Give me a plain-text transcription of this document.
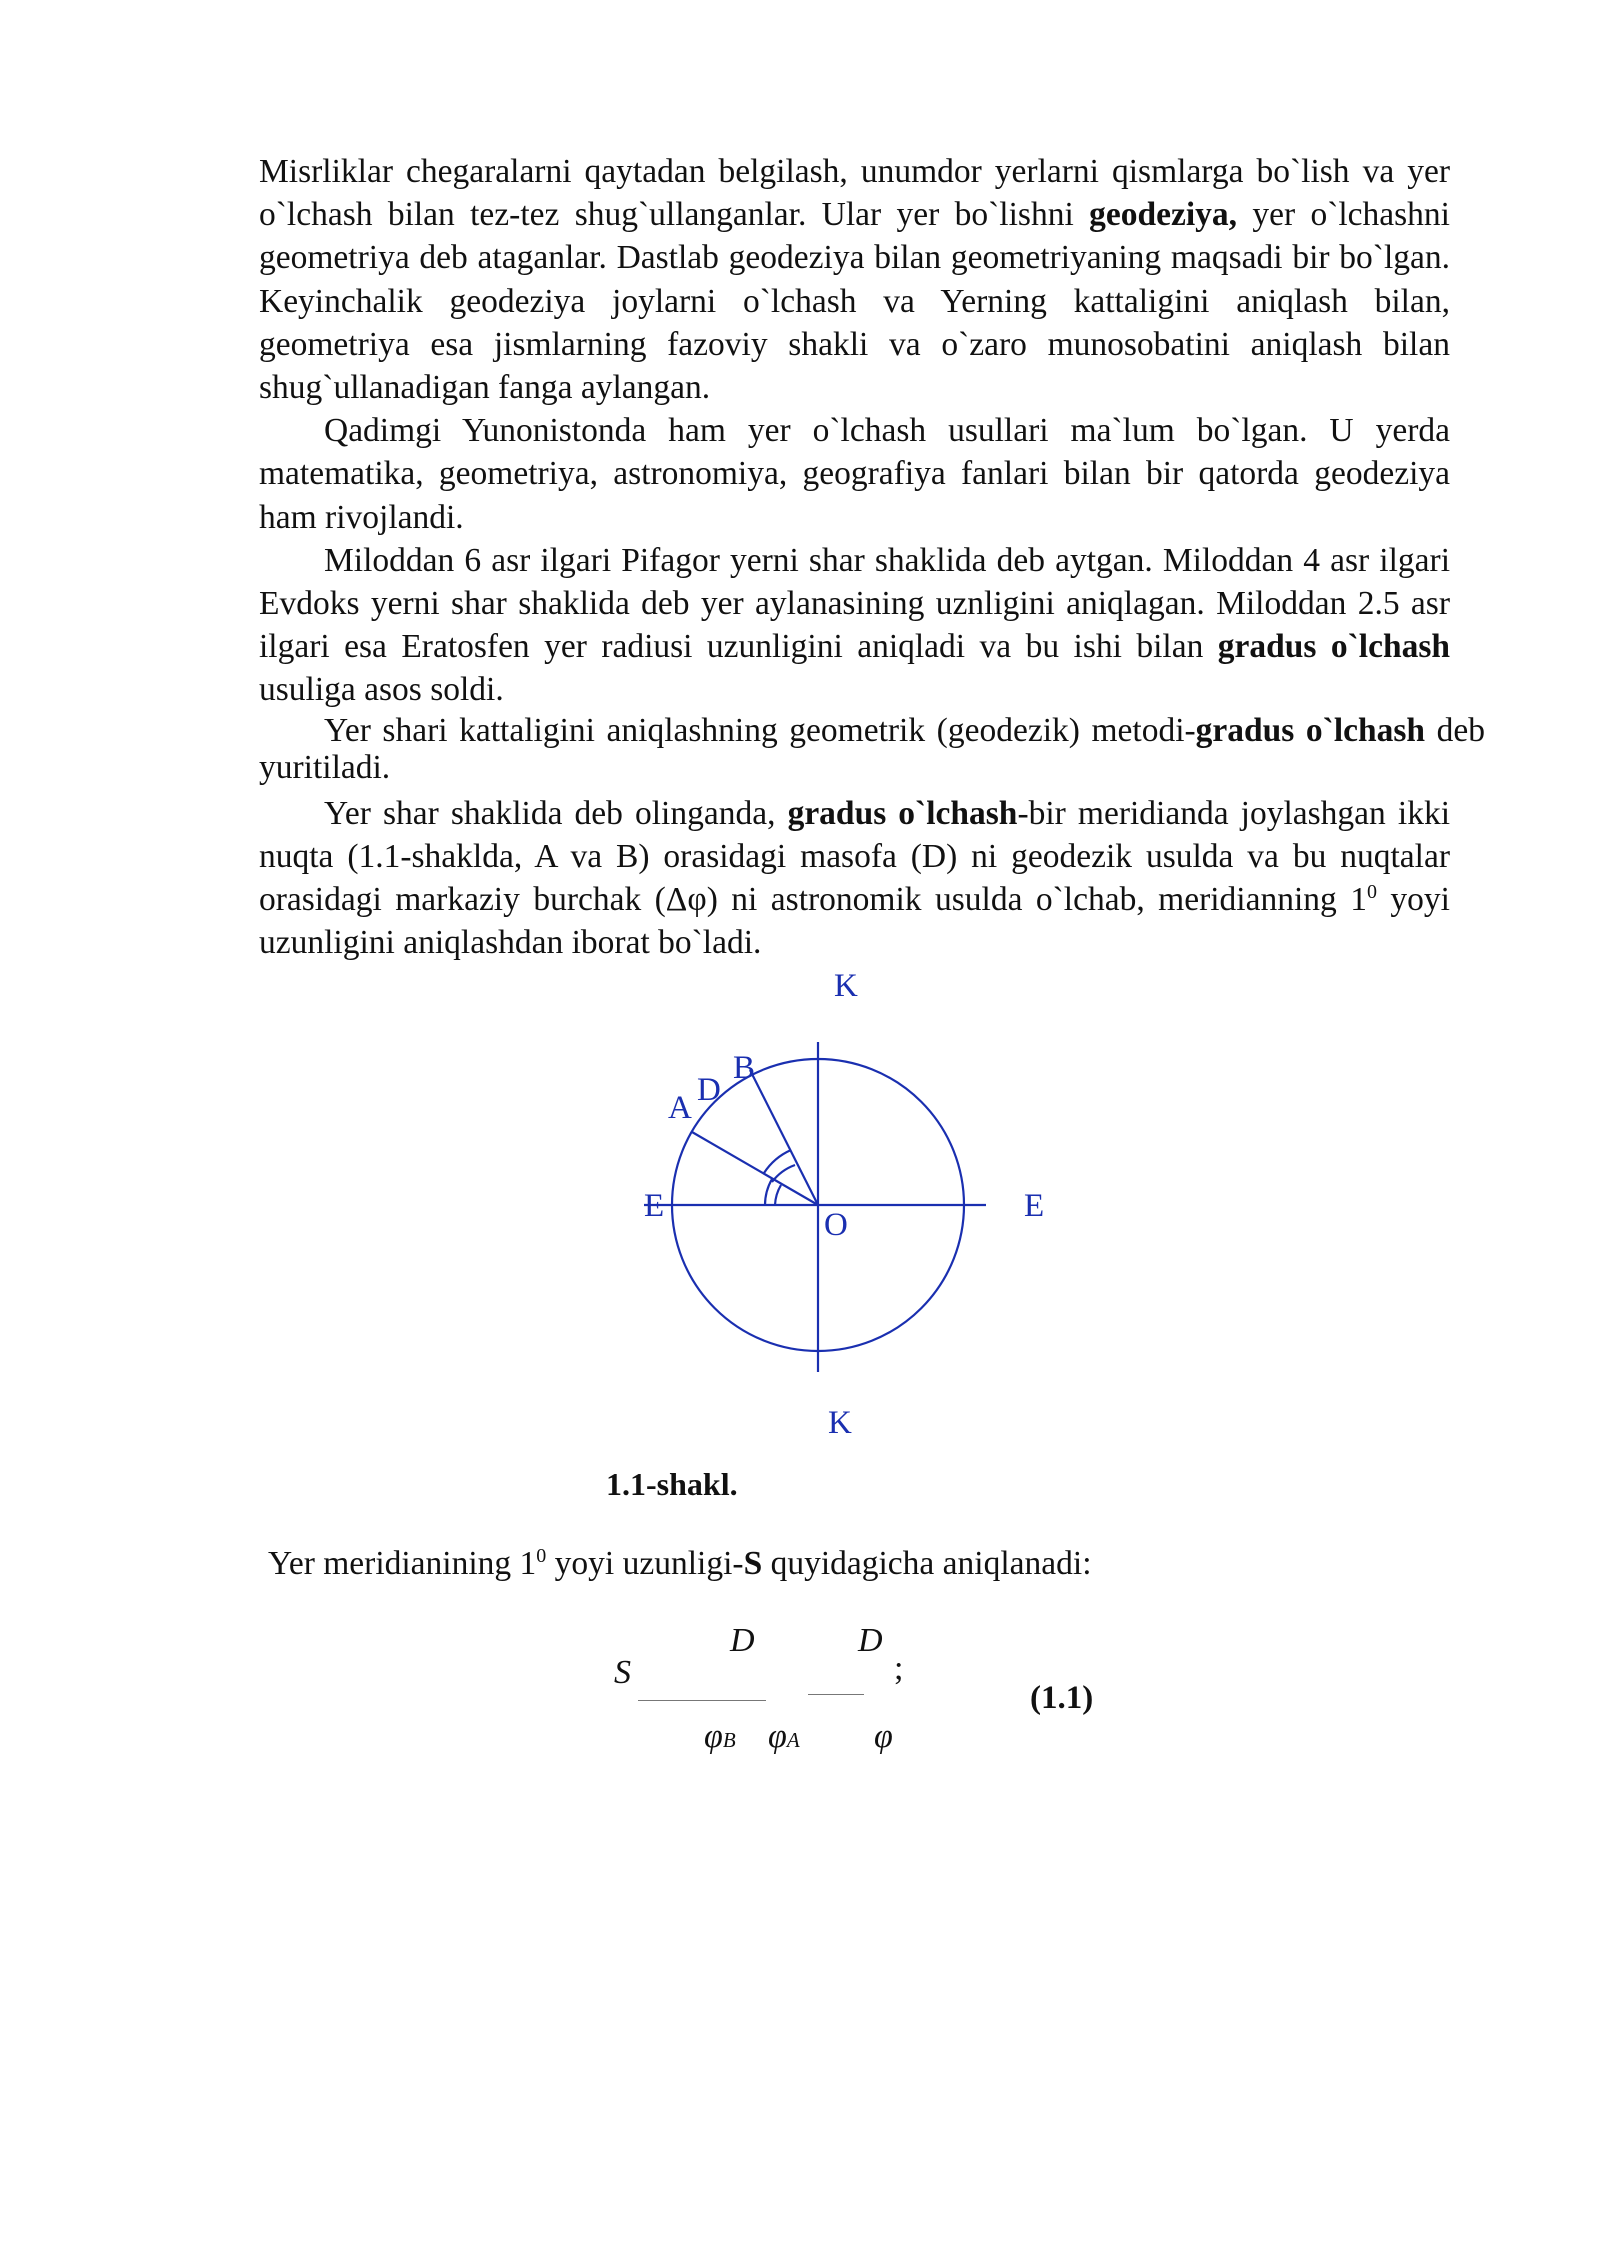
Misrliklar chegaralarni qaytadan belgilash, unumdor yerlarni qismlarga bo`lish va yer o`lchash bilan tez-tez shug`ullanganlar. Ular yer bo`lishni geodeziya, yer o`lchashni geometriya deb ataganlar. Dastlab geodeziya bilan geometriyaning maqsadi bir bo`lgan. Keyinchalik geodeziya joylarni o`lchash va Yerning kattaligini aniqlash bilan, geometriya esa jismlarning fazoviy shakli va o`zaro munosobatini aniqlash bilan shug`ullanadigan fanga aylangan.

Qadimgi Yunonistonda ham yer o`lchash usullari ma`lum bo`lgan. U yerda matematika, geometriya, astronomiya, geografiya fanlari bilan bir qatorda geodeziya ham rivojlandi.

Miloddan 6 asr ilgari Pifagor yerni shar shaklida deb aytgan. Miloddan 4 asr ilgari Evdoks yerni shar shaklida deb yer aylanasining uznligini aniqlagan. Miloddan 2.5 asr ilgari esa Eratosfen yer radiusi uzunligini aniqladi va bu ishi bilan gradus o`lchash usuliga asos soldi.

Yer shari kattaligini aniqlashning geometrik (geodezik) metodi-gradus o`lchash deb yuritiladi.

Yer shar shaklida deb olinganda, gradus o`lchash-bir meridianda joylashgan ikki nuqta (1.1-shaklda, A va B) orasidagi masofa (D) ni geodezik usulda va bu nuqtalar orasidagi markaziy burchak (Δφ) ni astronomik usulda o`lchab, meridianning $1^0$ yoyi uzunligini aniqlashdan iborat bo`ladi.

K
K
E	E
O
A
B
D
1.1-shakl.
Yer meridianining $1^0$ yoyi uzunligi-S quyidagicha aniqlanadi:
S
D	D
;
φB φA φ
(1.1)
